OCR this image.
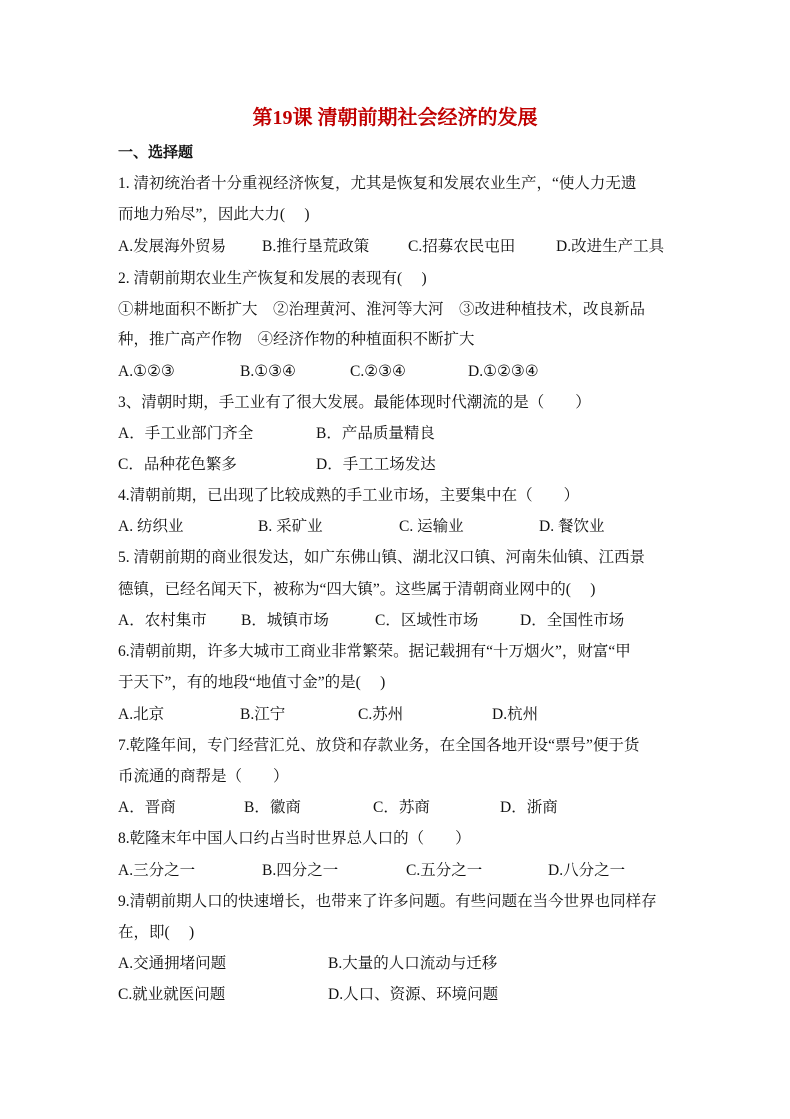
第19课 清朝前期社会经济的发展
一、选择题
1. 清初统治者十分重视经济恢复，尤其是恢复和发展农业生产，“使人力无遗
而地力殆尽”，因此大力(　 )
A.发展海外贸易 B.推行垦荒政策	C.招募农民屯田	D.改进生产工具
2. 清朝前期农业生产恢复和发展的表现有(　 )
①耕地面积不断扩大　②治理黄河、淮河等大河　③改进种植技术，改良新品
种，推广高产作物　④经济作物的种植面积不断扩大
A.①②③	B.①③④	C.②③④	D.①②③④
3、清朝时期，手工业有了很大发展。最能体现时代潮流的是（　　）
A．手工业部门齐全	B．产品质量精良
C．品种花色繁多	D．手工工场发达
4.清朝前期，已出现了比较成熟的手工业市场，主要集中在（　　）
A. 纺织业	B. 采矿业	C. 运输业	D. 餐饮业
5. 清朝前期的商业很发达，如广东佛山镇、湖北汉口镇、河南朱仙镇、江西景
德镇，已经名闻天下，被称为“四大镇”。这些属于清朝商业网中的(　 )
A．农村集市 B．城镇市场	C．区域性市场	D．全国性市场
6.清朝前期，许多大城市工商业非常繁荣。据记载拥有“十万烟火”，财富“甲
于天下”，有的地段“地值寸金”的是(　 )
A.北京	B.江宁	C.苏州	D.杭州
7.乾隆年间，专门经营汇兑、放贷和存款业务，在全国各地开设“票号”便于货
币流通的商帮是（　　）
A．晋商	B．徽商	C．苏商	D．浙商
8.乾隆末年中国人口约占当时世界总人口的（　　）
A.三分之一	B.四分之一	C.五分之一	D.八分之一
9.清朝前期人口的快速增长，也带来了许多问题。有些问题在当今世界也同样存
在，即(　 )
A.交通拥堵问题	B.大量的人口流动与迁移
C.就业就医问题	D.人口、资源、环境问题
